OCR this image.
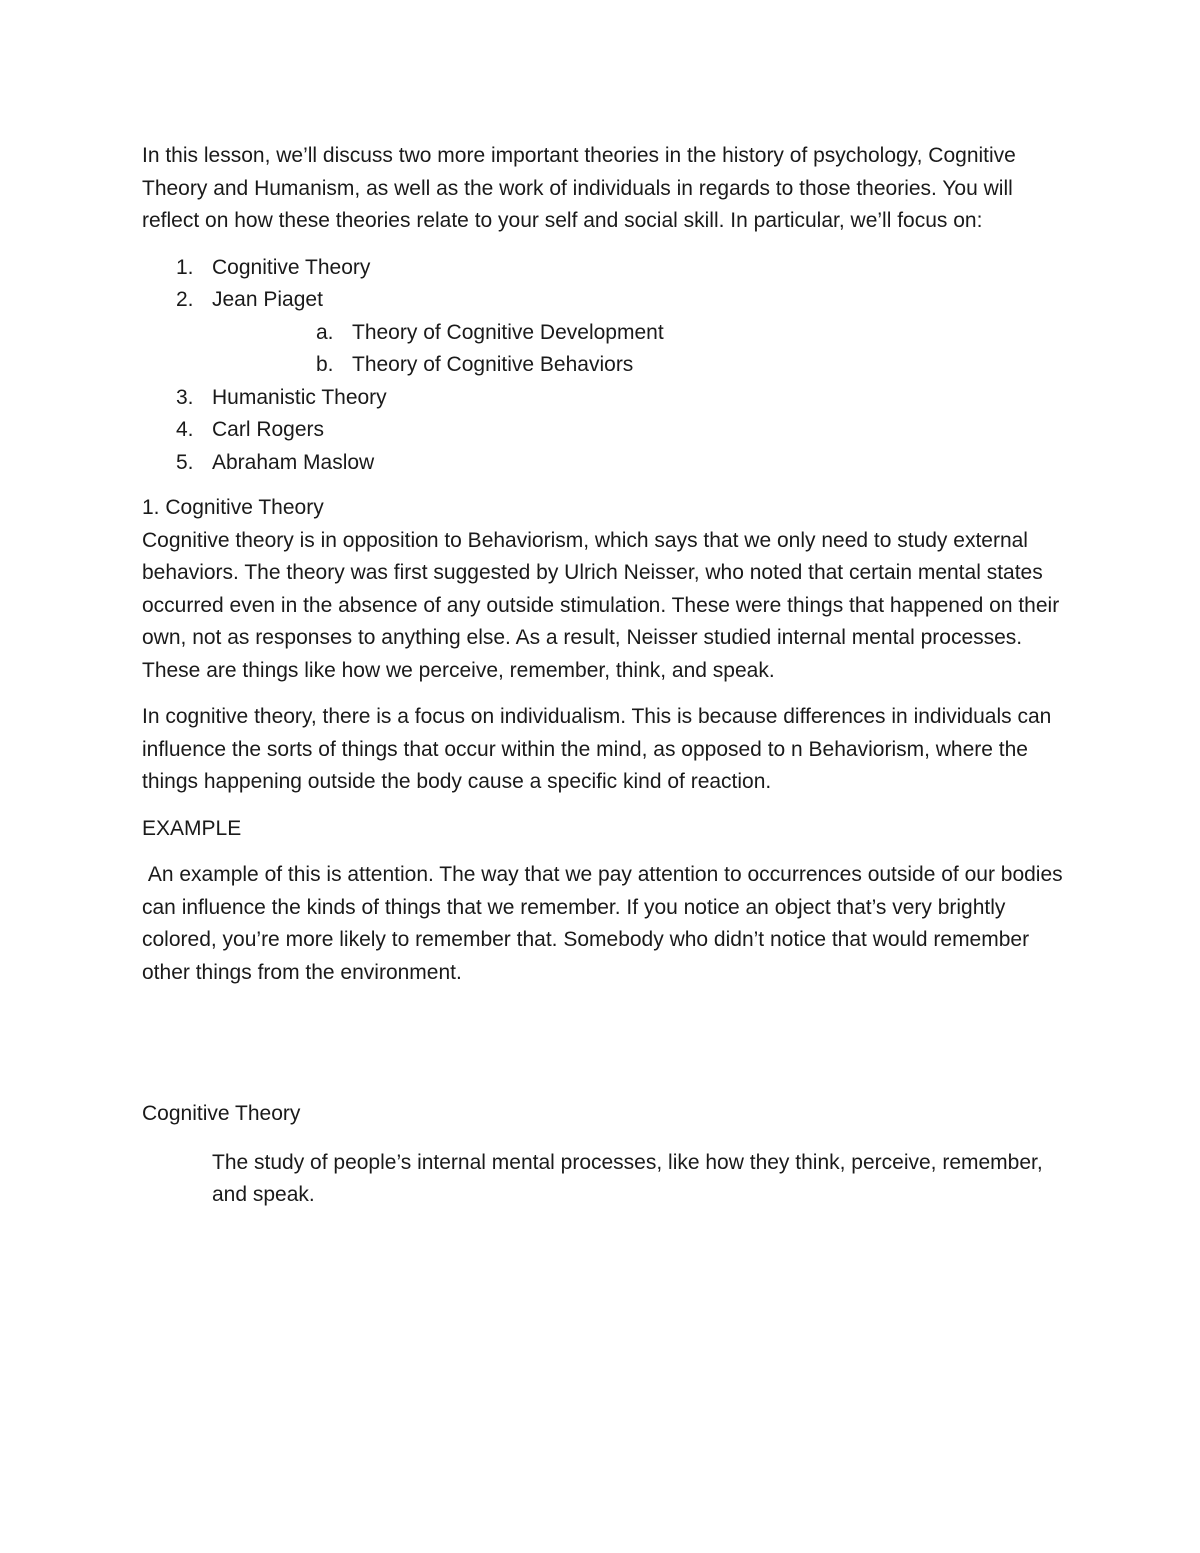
In this lesson, we’ll discuss two more important theories in the history of psychology, Cognitive Theory and Humanism, as well as the work of individuals in regards to those theories. You will reflect on how these theories relate to your self and social skill. In particular, we’ll focus on:

1. Cognitive Theory
2. Jean Piaget
a. Theory of Cognitive Development
b. Theory of Cognitive Behaviors
3. Humanistic Theory
4. Carl Rogers
5. Abraham Maslow

1. Cognitive Theory

Cognitive theory is in opposition to Behaviorism, which says that we only need to study external behaviors. The theory was first suggested by Ulrich Neisser, who noted that certain mental states occurred even in the absence of any outside stimulation. These were things that happened on their own, not as responses to anything else. As a result, Neisser studied internal mental processes. These are things like how we perceive, remember, think, and speak.

In cognitive theory, there is a focus on individualism. This is because differences in individuals can influence the sorts of things that occur within the mind, as opposed to n Behaviorism, where the things happening outside the body cause a specific kind of reaction.

EXAMPLE

An example of this is attention. The way that we pay attention to occurrences outside of our bodies can influence the kinds of things that we remember. If you notice an object that’s very brightly colored, you’re more likely to remember that. Somebody who didn’t notice that would remember other things from the environment.

Cognitive Theory

The study of people’s internal mental processes, like how they think, perceive, remember, and speak.
